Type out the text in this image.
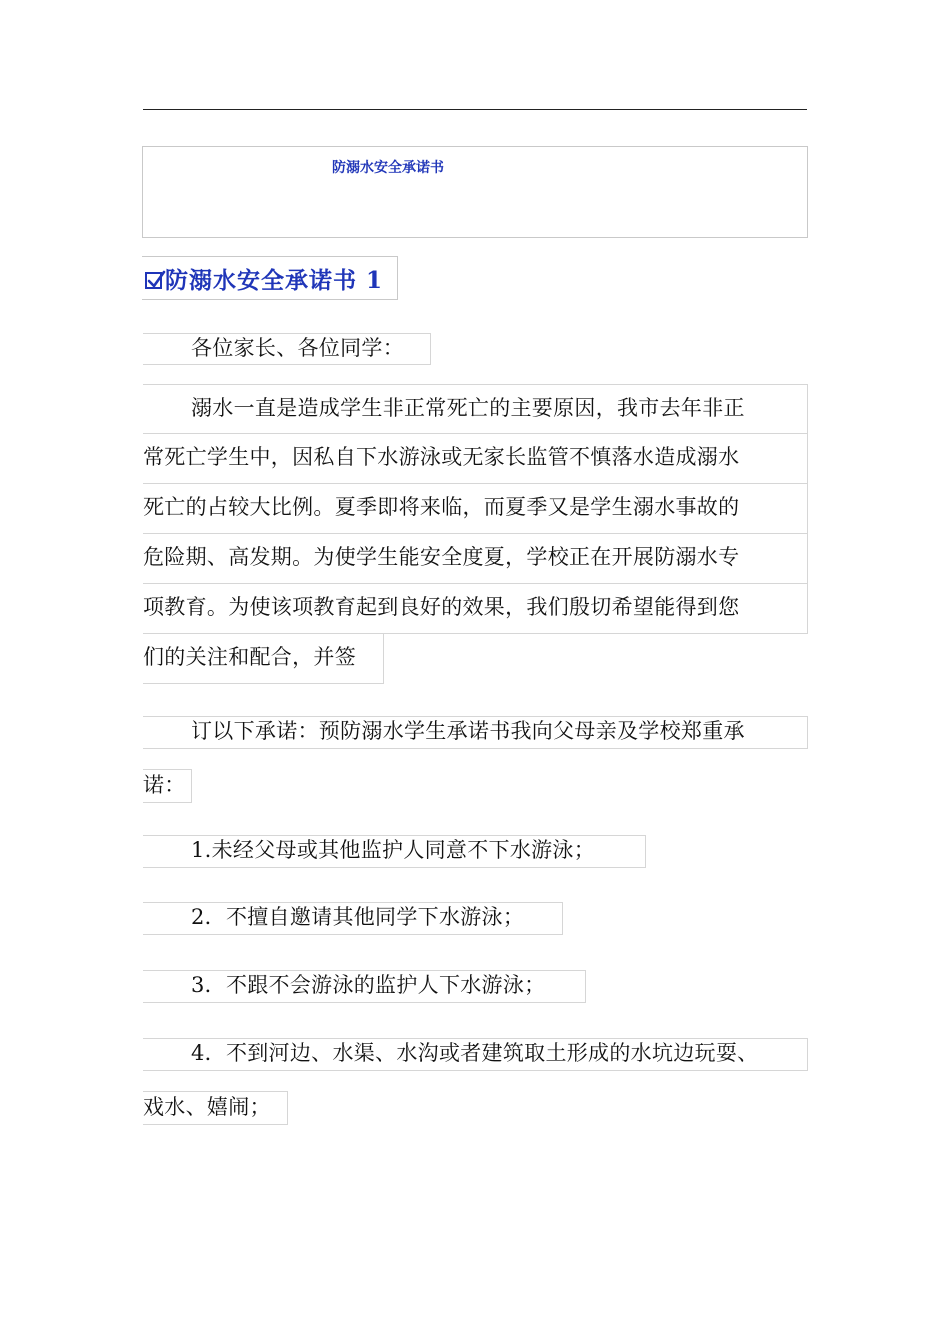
防溺水安全承诺书
防溺水安全承诺书 1
各位家长、各位同学：
溺水一直是造成学生非正常死亡的主要原因，我市去年非正
常死亡学生中，因私自下水游泳或无家长监管不慎落水造成溺水
死亡的占较大比例。夏季即将来临，而夏季又是学生溺水事故的
危险期、高发期。为使学生能安全度夏，学校正在开展防溺水专
项教育。为使该项教育起到良好的效果，我们殷切希望能得到您
们的关注和配合，并签
订以下承诺：预防溺水学生承诺书我向父母亲及学校郑重承
诺：
1.未经父母或其他监护人同意不下水游泳；
2．不擅自邀请其他同学下水游泳；
3．不跟不会游泳的监护人下水游泳；
4．不到河边、水渠、水沟或者建筑取土形成的水坑边玩耍、
戏水、嬉闹；
